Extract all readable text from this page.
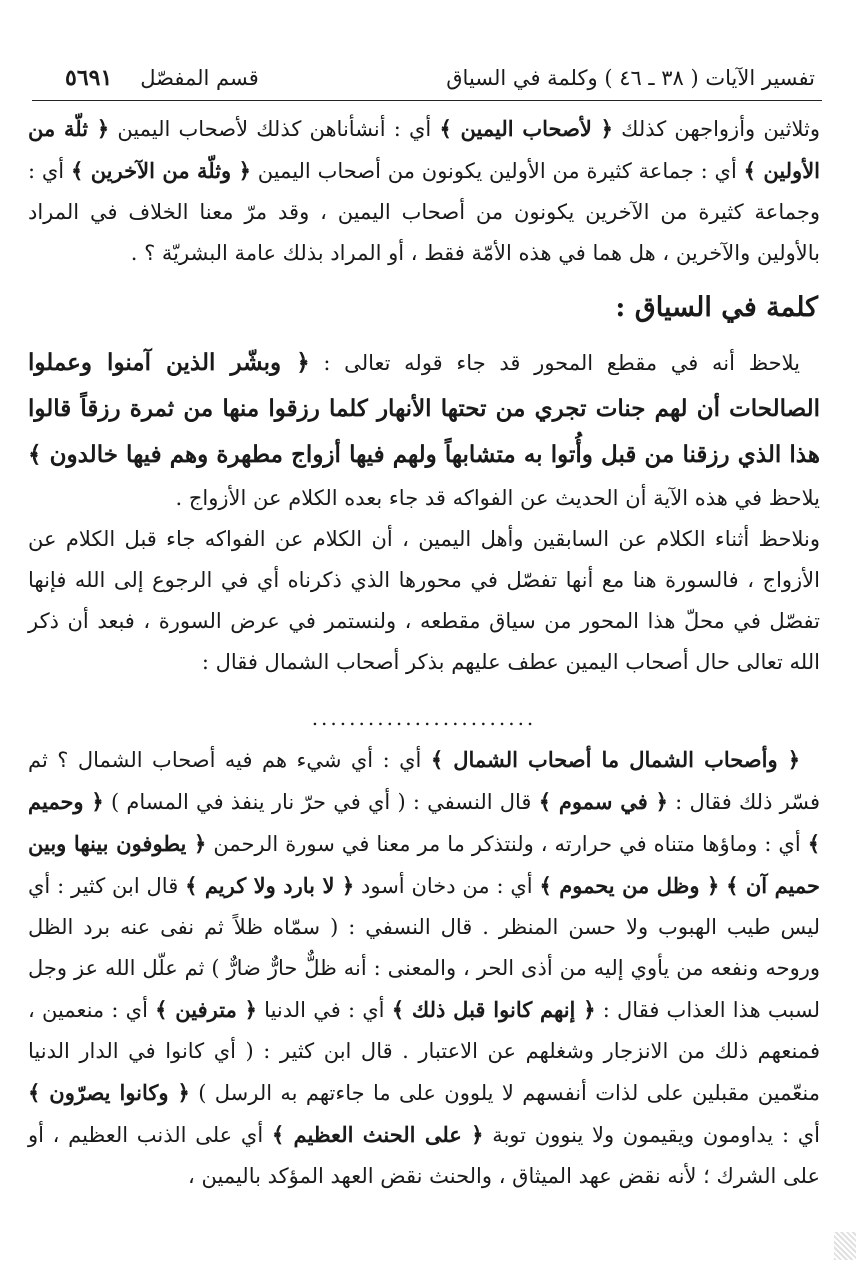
تفسير الآيات ( ٣٨ ـ ٤٦ ) وكلمة في السياق
قسم المفصّل
٥٦٩١

وثلاثين وأزواجهن كذلك ﴿ لأصحاب اليمين ﴾ أي : أنشأناهن كذلك لأصحاب اليمين ﴿ ثلّة من الأولين ﴾ أي : جماعة كثيرة من الأولين يكونون من أصحاب اليمين ﴿ وثلّة من الآخرين ﴾ أي : وجماعة كثيرة من الآخرين يكونون من أصحاب اليمين ، وقد مرّ معنا الخلاف في المراد بالأولين والآخرين ، هل هما في هذه الأمّة فقط ، أو المراد بذلك عامة البشريّة ؟ .

كلمة في السياق :

يلاحظ أنه في مقطع المحور قد جاء قوله تعالى : ﴿ وبشّر الذين آمنوا وعملوا الصالحات أن لهم جنات تجري من تحتها الأنهار كلما رزقوا منها من ثمرة رزقاً قالوا هذا الذي رزقنا من قبل وأُتوا به متشابهاً ولهم فيها أزواج مطهرة وهم فيها خالدون ﴾ يلاحظ في هذه الآية أن الحديث عن الفواكه قد جاء بعده الكلام عن الأزواج .

ونلاحظ أثناء الكلام عن السابقين وأهل اليمين ، أن الكلام عن الفواكه جاء قبل الكلام عن الأزواج ، فالسورة هنا مع أنها تفصّل في محورها الذي ذكرناه أي في الرجوع إلى الله فإنها تفصّل في محلّ هذا المحور من سياق مقطعه ، ولنستمر في عرض السورة ، فبعد أن ذكر الله تعالى حال أصحاب اليمين عطف عليهم بذكر أصحاب الشمال فقال :

........................

﴿ وأصحاب الشمال ما أصحاب الشمال ﴾ أي : أي شيء هم فيه أصحاب الشمال ؟ ثم فسّر ذلك فقال : ﴿ في سموم ﴾ قال النسفي : ( أي في حرّ نار ينفذ في المسام ) ﴿ وحميم ﴾ أي : وماؤها متناه في حرارته ، ولنتذكر ما مر معنا في سورة الرحمن ﴿ يطوفون بينها وبين حميم آن ﴾ ﴿ وظل من يحموم ﴾ أي : من دخان أسود ﴿ لا بارد ولا كريم ﴾ قال ابن كثير : أي ليس طيب الهبوب ولا حسن المنظر . قال النسفي : ( سمّاه ظلاً ثم نفى عنه برد الظل وروحه ونفعه من يأوي إليه من أذى الحر ، والمعنى : أنه ظلٌّ حارٌّ ضارٌّ ) ثم علّل الله عز وجل لسبب هذا العذاب فقال : ﴿ إنهم كانوا قبل ذلك ﴾ أي : في الدنيا ﴿ مترفين ﴾ أي : منعمين ، فمنعهم ذلك من الانزجار وشغلهم عن الاعتبار . قال ابن كثير : ( أي كانوا في الدار الدنيا منعّمين مقبلين على لذات أنفسهم لا يلوون على ما جاءتهم به الرسل ) ﴿ وكانوا يصرّون ﴾ أي : يداومون ويقيمون ولا ينوون توبة ﴿ على الحنث العظيم ﴾ أي على الذنب العظيم ، أو على الشرك ؛ لأنه نقض عهد الميثاق ، والحنث نقض العهد المؤكد باليمين ،
